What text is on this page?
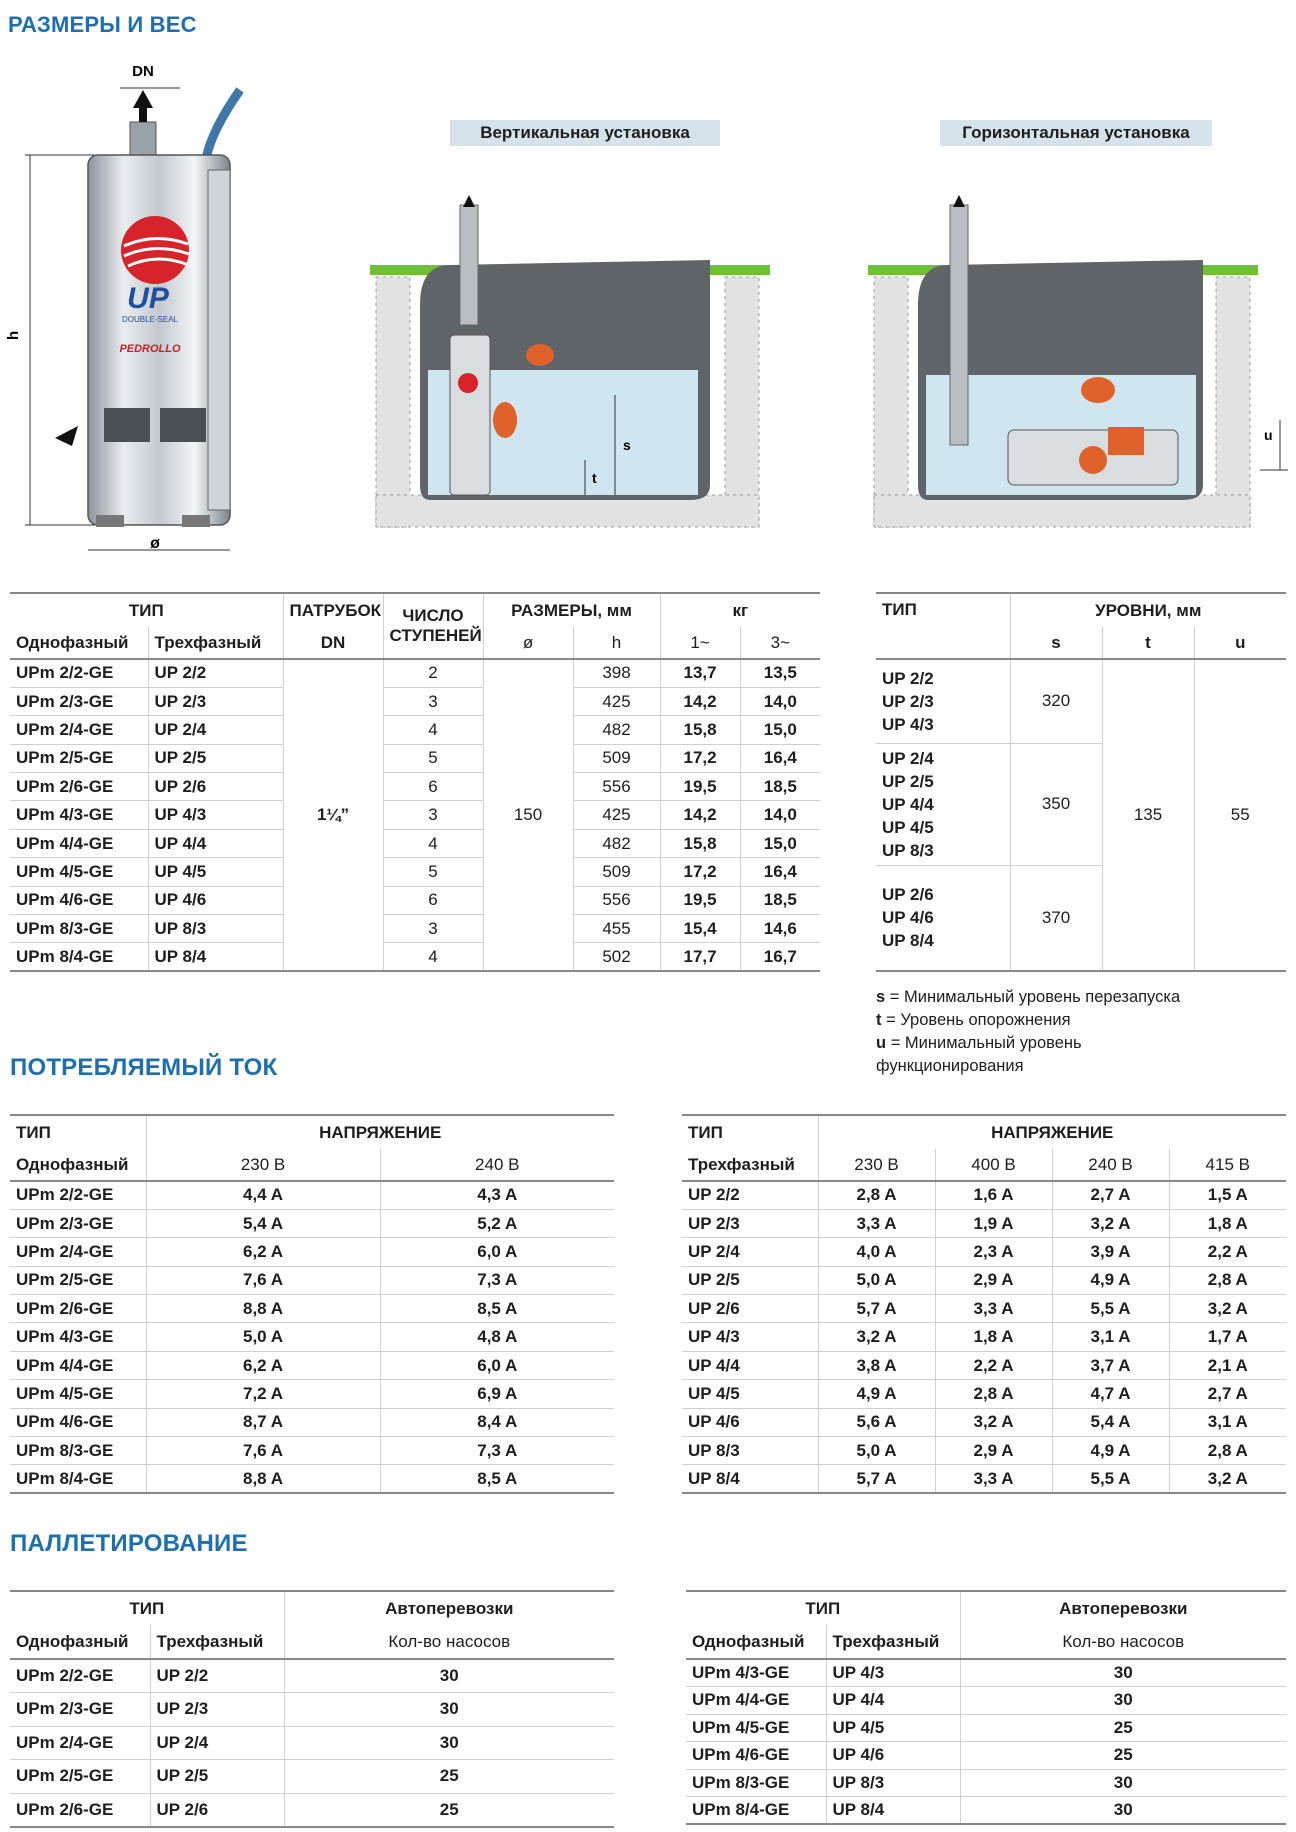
РАЗМЕРЫ И ВЕС
ПОТРЕБЛЯЕМЫЙ ТОК
ПАЛЛЕТИРОВАНИЕ
DN
h
ø
UP
DOUBLE-SEAL
PEDROLLO
Вертикальная установка	Горизонтальная установка
s
t
u
ТИП		ПАТРУБОК	ЧИСЛО СТУПЕНЕЙ	РАЗМЕРЫ, мм		кг	
Однофазный	Трехфазный	DN		ø	h	1~	3~
UPm 2/2-GE	UP 2/2	1¼”	2	150	398	13,7	13,5
UPm 2/3-GE	UP 2/3		3		425	14,2	14,0
UPm 2/4-GE	UP 2/4		4		482	15,8	15,0
UPm 2/5-GE	UP 2/5		5		509	17,2	16,4
UPm 2/6-GE	UP 2/6		6		556	19,5	18,5
UPm 4/3-GE	UP 4/3		3		425	14,2	14,0
UPm 4/4-GE	UP 4/4		4		482	15,8	15,0
UPm 4/5-GE	UP 4/5		5		509	17,2	16,4
UPm 4/6-GE	UP 4/6		6		556	19,5	18,5
UPm 8/3-GE	UP 8/3		3		455	15,4	14,6
UPm 8/4-GE	UP 8/4		4		502	17,7	16,7
ТИП	УРОВНИ, мм		
	s	t	u

UP 2/2
UP 2/3
UP 4/3	320	135	55

UP 2/4
UP 2/5
UP 4/4
UP 4/5
UP 8/3	350		

UP 2/6
UP 4/6
UP 8/4	370		
s = Минимальный уровень перезапуска
t = Уровень опорожнения
u = Минимальный уровень
функционирования
ТИП	НАПРЯЖЕНИЕ	
Однофазный	230 В	240 В
UPm 2/2-GE	4,4 A	4,3 A
UPm 2/3-GE	5,4 A	5,2 A
UPm 2/4-GE	6,2 A	6,0 A
UPm 2/5-GE	7,6 A	7,3 A
UPm 2/6-GE	8,8 A	8,5 A
UPm 4/3-GE	5,0 A	4,8 A
UPm 4/4-GE	6,2 A	6,0 A
UPm 4/5-GE	7,2 A	6,9 A
UPm 4/6-GE	8,7 A	8,4 A
UPm 8/3-GE	7,6 A	7,3 A
UPm 8/4-GE	8,8 A	8,5 A
ТИП	НАПРЯЖЕНИЕ			
Трехфазный	230 В	400 В	240 В	415 В
UP 2/2	2,8 A	1,6 A	2,7 A	1,5 A
UP 2/3	3,3 A	1,9 A	3,2 A	1,8 A
UP 2/4	4,0 A	2,3 A	3,9 A	2,2 A
UP 2/5	5,0 A	2,9 A	4,9 A	2,8 A
UP 2/6	5,7 A	3,3 A	5,5 A	3,2 A
UP 4/3	3,2 A	1,8 A	3,1 A	1,7 A
UP 4/4	3,8 A	2,2 A	3,7 A	2,1 A
UP 4/5	4,9 A	2,8 A	4,7 A	2,7 A
UP 4/6	5,6 A	3,2 A	5,4 A	3,1 A
UP 8/3	5,0 A	2,9 A	4,9 A	2,8 A
UP 8/4	5,7 A	3,3 A	5,5 A	3,2 A
ТИП		Автоперевозки
Однофазный	Трехфазный	Кол-во насосов
UPm 2/2-GE	UP 2/2	30
UPm 2/3-GE	UP 2/3	30
UPm 2/4-GE	UP 2/4	30
UPm 2/5-GE	UP 2/5	25
UPm 2/6-GE	UP 2/6	25
ТИП		Автоперевозки
Однофазный	Трехфазный	Кол-во насосов
UPm 4/3-GE	UP 4/3	30
UPm 4/4-GE	UP 4/4	30
UPm 4/5-GE	UP 4/5	25
UPm 4/6-GE	UP 4/6	25
UPm 8/3-GE	UP 8/3	30
UPm 8/4-GE	UP 8/4	30
